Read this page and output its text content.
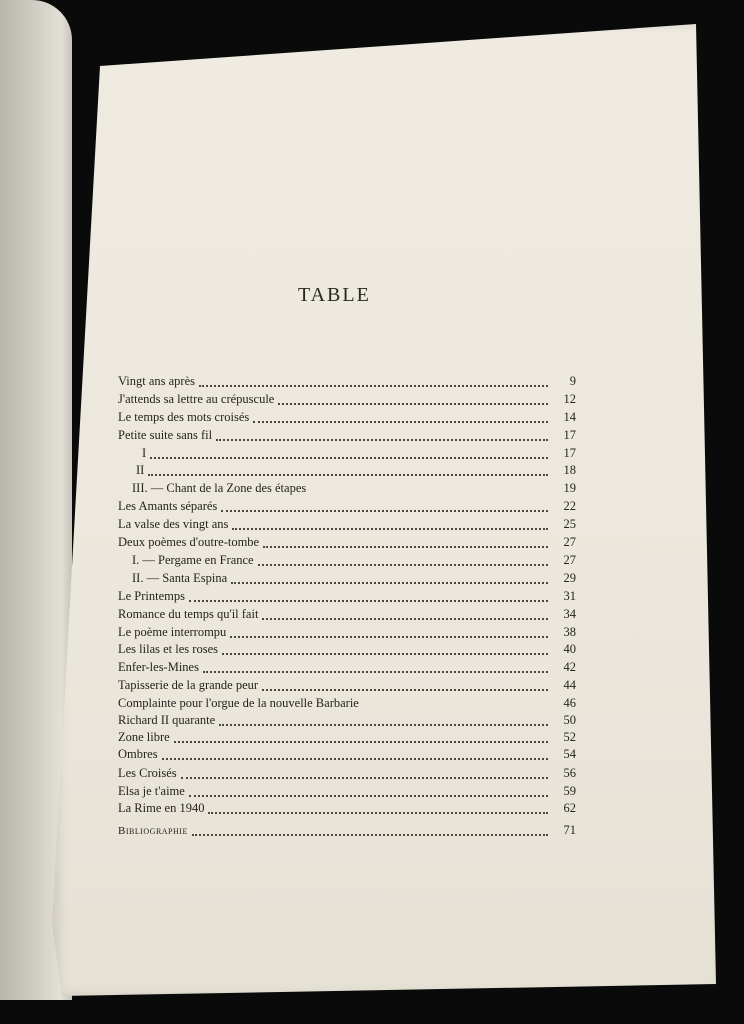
TABLE
Vingt ans après	9
J'attends sa lettre au crépuscule	12
Le temps des mots croisés	14
Petite suite sans fil	17
I	17
II	18
III. — Chant de la Zone des étapes	19
Les Amants séparés	22
La valse des vingt ans	25
Deux poèmes d'outre-tombe	27
I. — Pergame en France	27
II. — Santa Espina	29
Le Printemps	31
Romance du temps qu'il fait	34
Le poème interrompu	38
Les lilas et les roses	40
Enfer-les-Mines	42
Tapisserie de la grande peur	44
Complainte pour l'orgue de la nouvelle Barbarie	46
Richard II quarante	50
Zone libre	52
Ombres	54
Les Croisés	56
Elsa je t'aime	59
La Rime en 1940	62
Bibliographie	71
